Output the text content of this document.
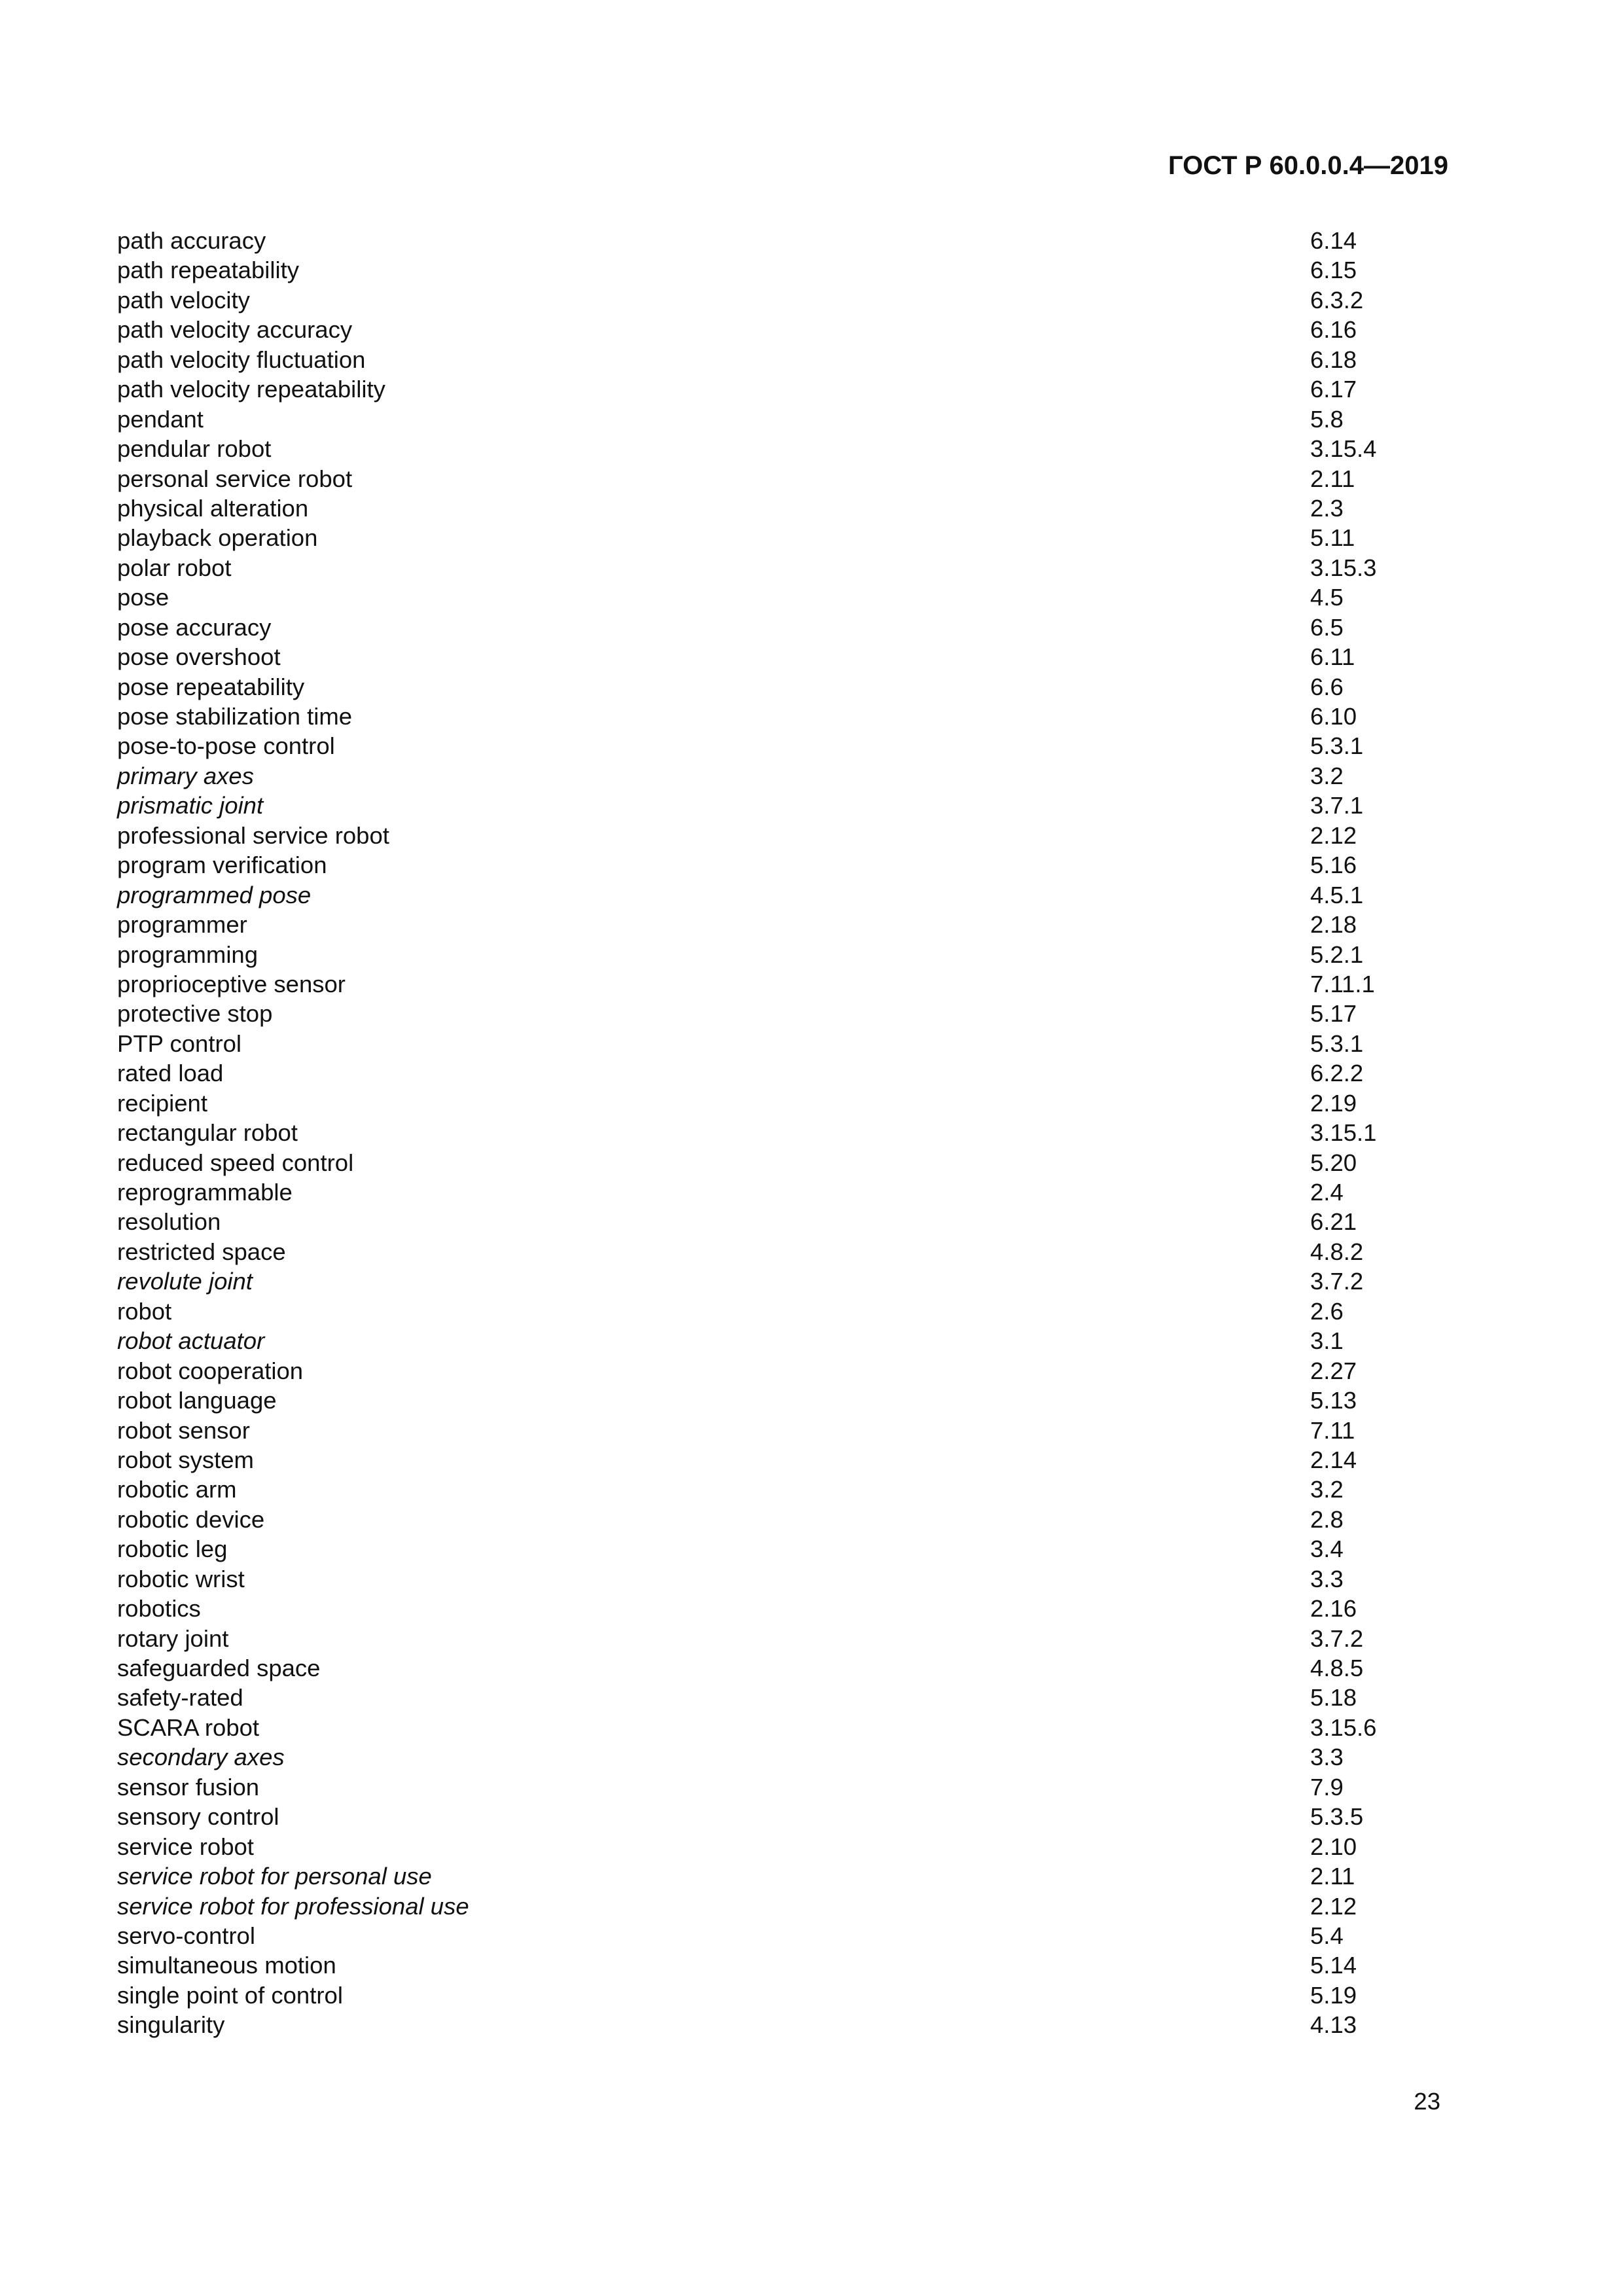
ГОСТ Р 60.0.0.4—2019
path accuracy	6.14
path repeatability	6.15
path velocity	6.3.2
path velocity accuracy	6.16
path velocity fluctuation	6.18
path velocity repeatability	6.17
pendant	5.8
pendular robot	3.15.4
personal service robot	2.11
physical alteration	2.3
playback operation	5.11
polar robot	3.15.3
pose	4.5
pose accuracy	6.5
pose overshoot	6.11
pose repeatability	6.6
pose stabilization time	6.10
pose-to-pose control	5.3.1
primary axes	3.2
prismatic joint	3.7.1
professional service robot	2.12
program verification	5.16
programmed pose	4.5.1
programmer	2.18
programming	5.2.1
proprioceptive sensor	7.11.1
protective stop	5.17
PTP control	5.3.1
rated load	6.2.2
recipient	2.19
rectangular robot	3.15.1
reduced speed control	5.20
reprogrammable	2.4
resolution	6.21
restricted space	4.8.2
revolute joint	3.7.2
robot	2.6
robot actuator	3.1
robot cooperation	2.27
robot language	5.13
robot sensor	7.11
robot system	2.14
robotic arm	3.2
robotic device	2.8
robotic leg	3.4
robotic wrist	3.3
robotics	2.16
rotary joint	3.7.2
safeguarded space	4.8.5
safety-rated	5.18
SCARA robot	3.15.6
secondary axes	3.3
sensor fusion	7.9
sensory control	5.3.5
service robot	2.10
service robot for personal use	2.11
service robot for professional use	2.12
servo-control	5.4
simultaneous motion	5.14
single point of control	5.19
singularity	4.13
23
